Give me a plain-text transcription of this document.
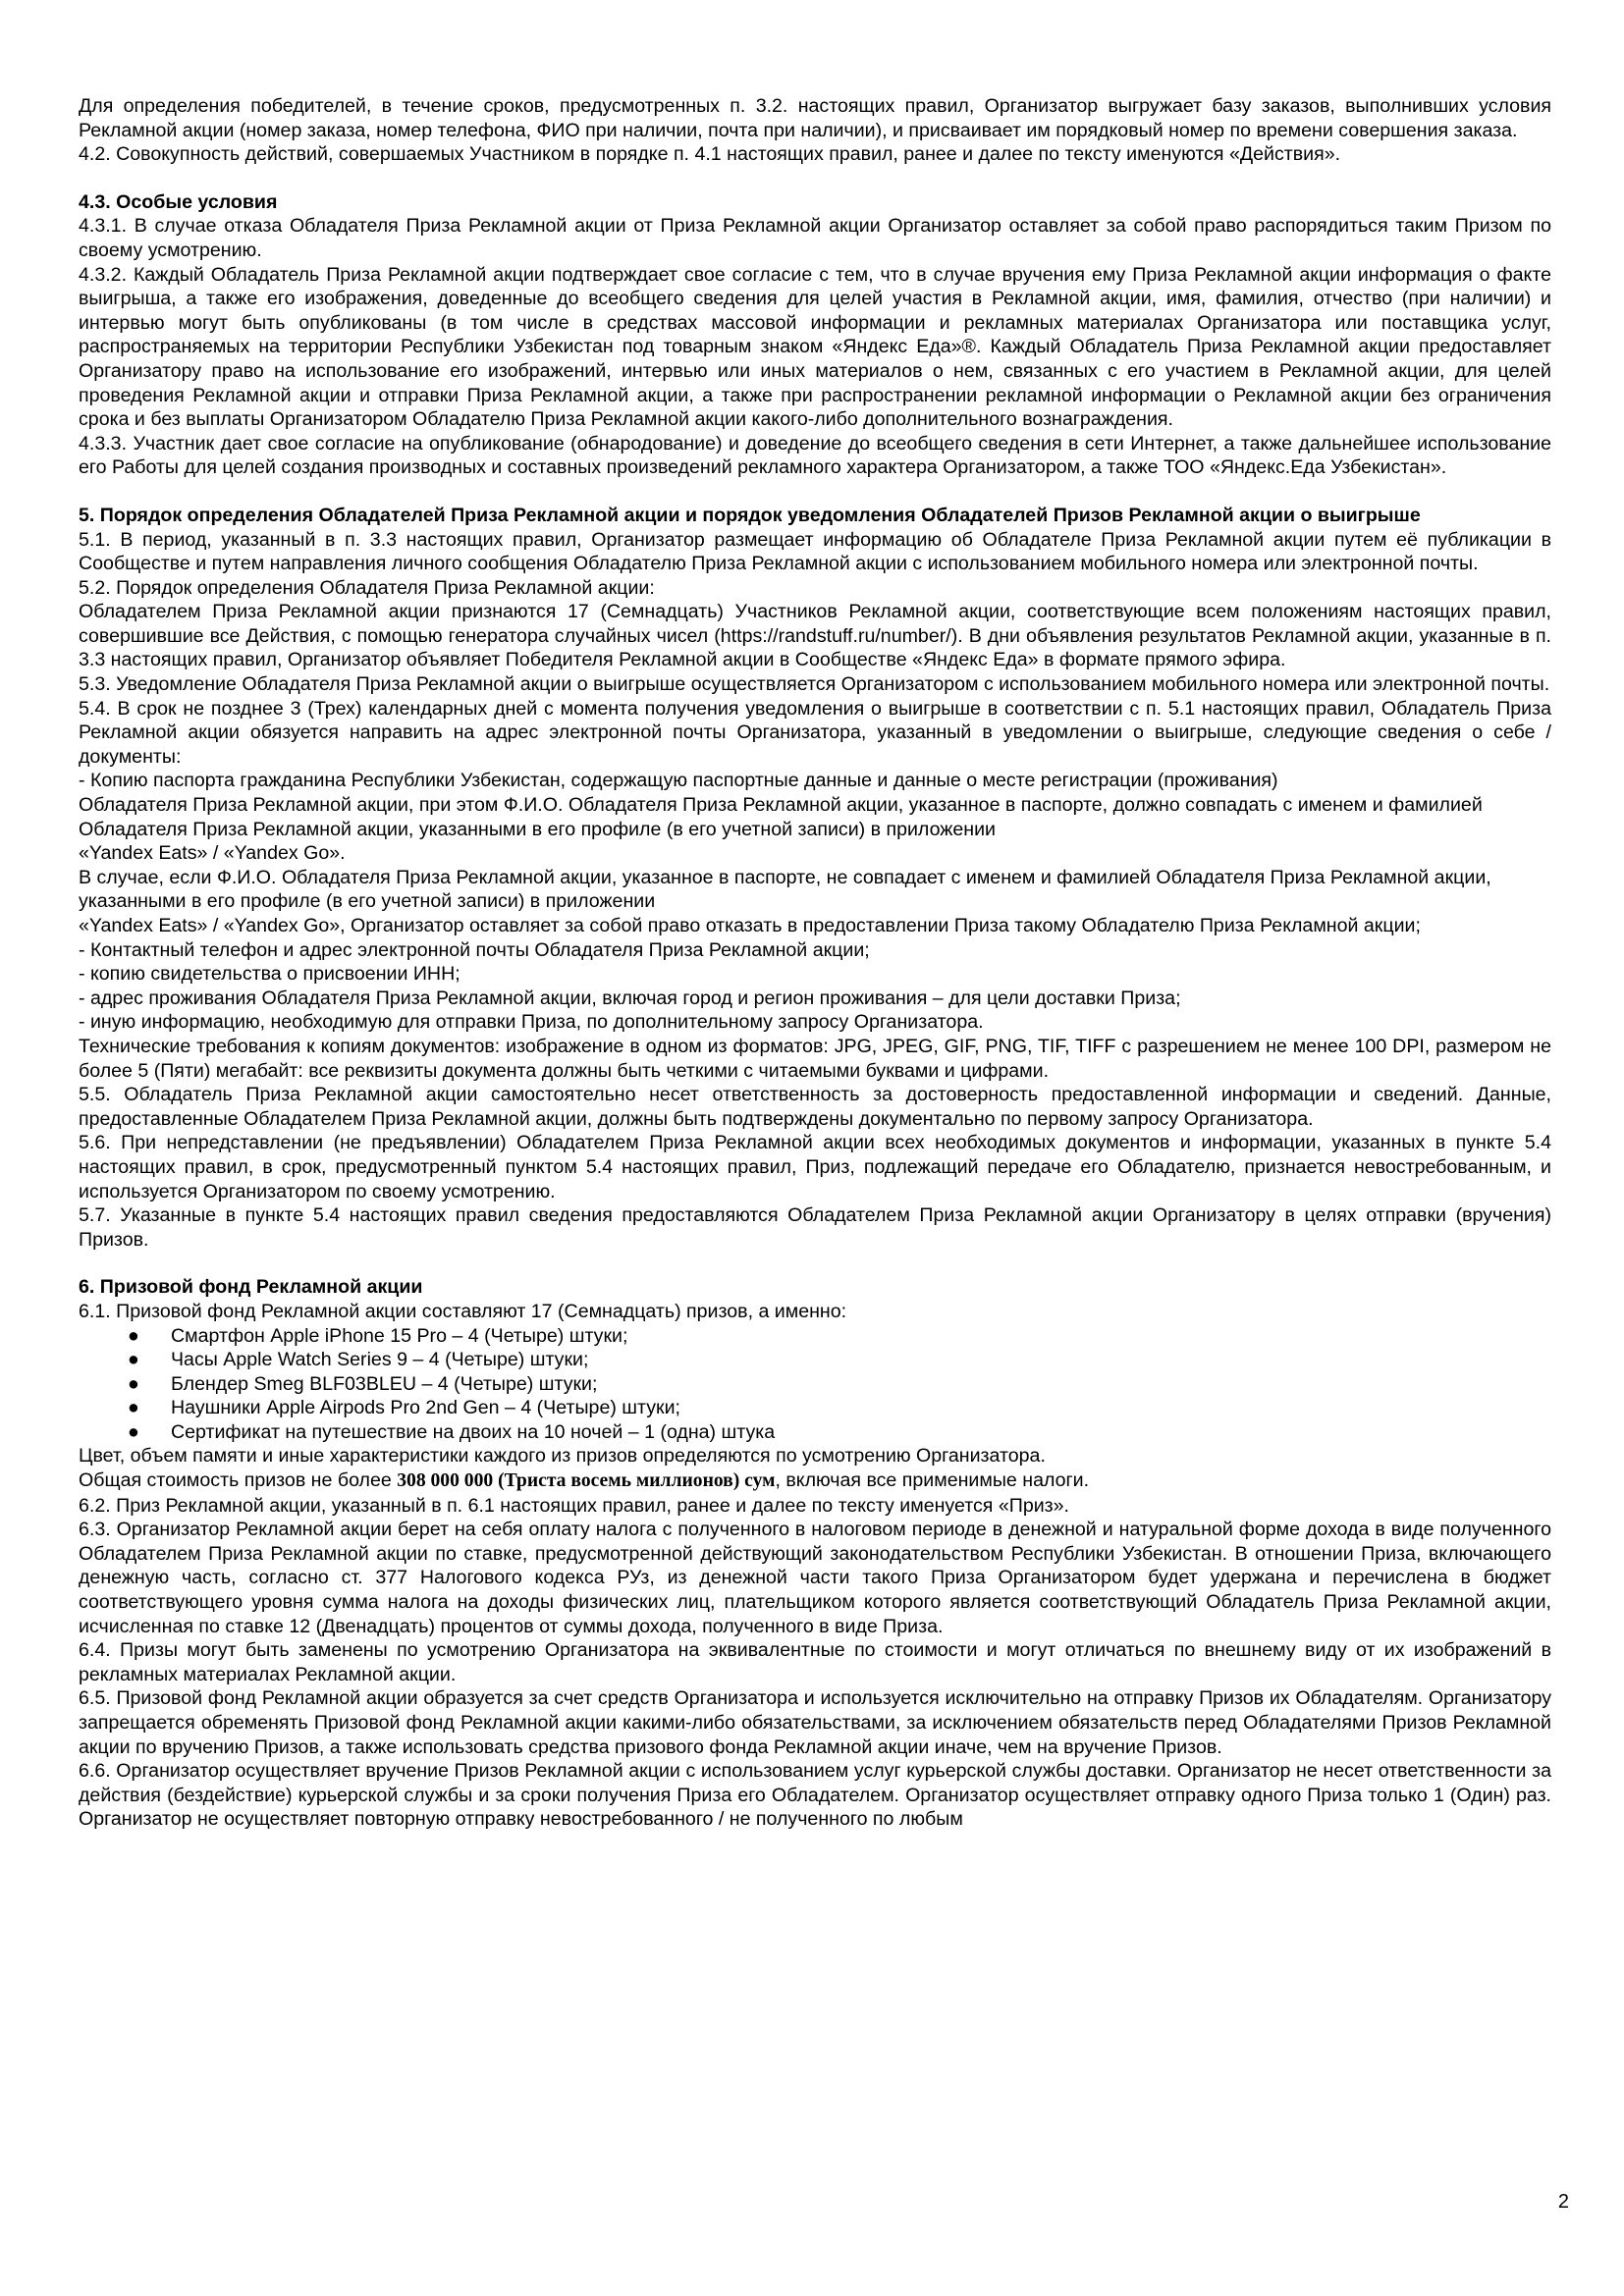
Для определения победителей, в течение сроков, предусмотренных п. 3.2. настоящих правил, Организатор выгружает базу заказов, выполнивших условия Рекламной акции (номер заказа, номер телефона, ФИО при наличии, почта при наличии), и присваивает им порядковый номер по времени совершения заказа.

4.2. Совокупность действий, совершаемых Участником в порядке п. 4.1 настоящих правил, ранее и далее по тексту именуются «Действия».

4.3. Особые условия

4.3.1. В случае отказа Обладателя Приза Рекламной акции от Приза Рекламной акции Организатор оставляет за собой право распорядиться таким Призом по своему усмотрению.

4.3.2. Каждый Обладатель Приза Рекламной акции подтверждает свое согласие с тем, что в случае вручения ему Приза Рекламной акции информация о факте выигрыша, а также его изображения, доведенные до всеобщего сведения для целей участия в Рекламной акции, имя, фамилия, отчество (при наличии) и интервью могут быть опубликованы (в том числе в средствах массовой информации и рекламных материалах Организатора или поставщика услуг, распространяемых на территории Республики Узбекистан под товарным знаком «Яндекс Еда»®. Каждый Обладатель Приза Рекламной акции предоставляет Организатору право на использование его изображений, интервью или иных материалов о нем, связанных с его участием в Рекламной акции, для целей проведения Рекламной акции и отправки Приза Рекламной акции, а также при распространении рекламной информации о Рекламной акции без ограничения срока и без выплаты Организатором Обладателю Приза Рекламной акции какого-либо дополнительного вознаграждения.

4.3.3. Участник дает свое согласие на опубликование (обнародование) и доведение до всеобщего сведения в сети Интернет, а также дальнейшее использование его Работы для целей создания производных и составных произведений рекламного характера Организатором, а также ТОО «Яндекс.Еда Узбекистан».

5. Порядок определения Обладателей Приза Рекламной акции и порядок уведомления Обладателей Призов Рекламной акции о выигрыше

5.1. В период, указанный в п. 3.3 настоящих правил, Организатор размещает информацию об Обладателе Приза Рекламной акции путем её публикации в Сообществе и путем направления личного сообщения Обладателю Приза Рекламной акции с использованием мобильного номера или электронной почты.

5.2. Порядок определения Обладателя Приза Рекламной акции:

Обладателем Приза Рекламной акции признаются 17 (Семнадцать) Участников Рекламной акции, соответствующие всем положениям настоящих правил, совершившие все Действия, с помощью генератора случайных чисел (https://randstuff.ru/number/). В дни объявления результатов Рекламной акции, указанные в п. 3.3 настоящих правил, Организатор объявляет Победителя Рекламной акции в Сообществе «Яндекс Еда» в формате прямого эфира.

5.3. Уведомление Обладателя Приза Рекламной акции о выигрыше осуществляется Организатором с использованием мобильного номера или электронной почты.

5.4. В срок не позднее 3 (Трех) календарных дней с момента получения уведомления о выигрыше в соответствии с п. 5.1 настоящих правил, Обладатель Приза Рекламной акции обязуется направить на адрес электронной почты Организатора, указанный в уведомлении о выигрыше, следующие сведения о себе / документы:

- Копию паспорта гражданина Республики Узбекистан, содержащую паспортные данные и данные о месте регистрации (проживания)

Обладателя Приза Рекламной акции, при этом Ф.И.О. Обладателя Приза Рекламной акции, указанное в паспорте, должно совпадать с именем и фамилией Обладателя Приза Рекламной акции, указанными в его профиле (в его учетной записи) в приложении

«Yandex Eats» / «Yandex Go».

В случае, если Ф.И.О. Обладателя Приза Рекламной акции, указанное в паспорте, не совпадает с именем и фамилией Обладателя Приза Рекламной акции, указанными в его профиле (в его учетной записи) в приложении

«Yandex Eats» / «Yandex Go», Организатор оставляет за собой право отказать в предоставлении Приза такому Обладателю Приза Рекламной акции;

- Контактный телефон и адрес электронной почты Обладателя Приза Рекламной акции;

- копию свидетельства о присвоении ИНН;

- адрес проживания Обладателя Приза Рекламной акции, включая город и регион проживания – для цели доставки Приза;

- иную информацию, необходимую для отправки Приза, по дополнительному запросу Организатора.

Технические требования к копиям документов: изображение в одном из форматов: JPG, JPEG, GIF, PNG, TIF, TIFF с разрешением не менее 100 DPI, размером не более 5 (Пяти) мегабайт: все реквизиты документа должны быть четкими с читаемыми буквами и цифрами.

5.5. Обладатель Приза Рекламной акции самостоятельно несет ответственность за достоверность предоставленной информации и сведений. Данные, предоставленные Обладателем Приза Рекламной акции, должны быть подтверждены документально по первому запросу Организатора.

5.6. При непредставлении (не предъявлении) Обладателем Приза Рекламной акции всех необходимых документов и информации, указанных в пункте 5.4 настоящих правил, в срок, предусмотренный пунктом 5.4 настоящих правил, Приз, подлежащий передаче его Обладателю, признается невостребованным, и используется Организатором по своему усмотрению.

5.7. Указанные в пункте 5.4 настоящих правил сведения предоставляются Обладателем Приза Рекламной акции Организатору в целях отправки (вручения) Призов.

6. Призовой фонд Рекламной акции

6.1. Призовой фонд Рекламной акции составляют 17 (Семнадцать) призов, а именно:

● Смартфон Apple iPhone 15 Pro – 4 (Четыре) штуки;
● Часы Apple Watch Series 9 – 4 (Четыре) штуки;
● Блендер Smeg BLF03BLEU – 4 (Четыре) штуки;
● Наушники Apple Airpods Pro 2nd Gen – 4 (Четыре) штуки;
● Сертификат на путешествие на двоих на 10 ночей – 1 (одна) штука

Цвет, объем памяти и иные характеристики каждого из призов определяются по усмотрению Организатора.

Общая стоимость призов не более 308 000 000 (Триста восемь миллионов) сум, включая все применимые налоги.

6.2. Приз Рекламной акции, указанный в п. 6.1 настоящих правил, ранее и далее по тексту именуется «Приз».

6.3. Организатор Рекламной акции берет на себя оплату налога с полученного в налоговом периоде в денежной и натуральной форме дохода в виде полученного Обладателем Приза Рекламной акции по ставке, предусмотренной действующий законодательством Республики Узбекистан. В отношении Приза, включающего денежную часть, согласно ст. 377 Налогового кодекса РУз, из денежной части такого Приза Организатором будет удержана и перечислена в бюджет соответствующего уровня сумма налога на доходы физических лиц, плательщиком которого является соответствующий Обладатель Приза Рекламной акции, исчисленная по ставке 12 (Двенадцать) процентов от суммы дохода, полученного в виде Приза.

6.4. Призы могут быть заменены по усмотрению Организатора на эквивалентные по стоимости и могут отличаться по внешнему виду от их изображений в рекламных материалах Рекламной акции.

6.5. Призовой фонд Рекламной акции образуется за счет средств Организатора и используется исключительно на отправку Призов их Обладателям. Организатору запрещается обременять Призовой фонд Рекламной акции какими-либо обязательствами, за исключением обязательств перед Обладателями Призов Рекламной акции по вручению Призов, а также использовать средства призового фонда Рекламной акции иначе, чем на вручение Призов.

6.6. Организатор осуществляет вручение Призов Рекламной акции с использованием услуг курьерской службы доставки. Организатор не несет ответственности за действия (бездействие) курьерской службы и за сроки получения Приза его Обладателем. Организатор осуществляет отправку одного Приза только 1 (Один) раз. Организатор не осуществляет повторную отправку невостребованного / не полученного по любым

2
